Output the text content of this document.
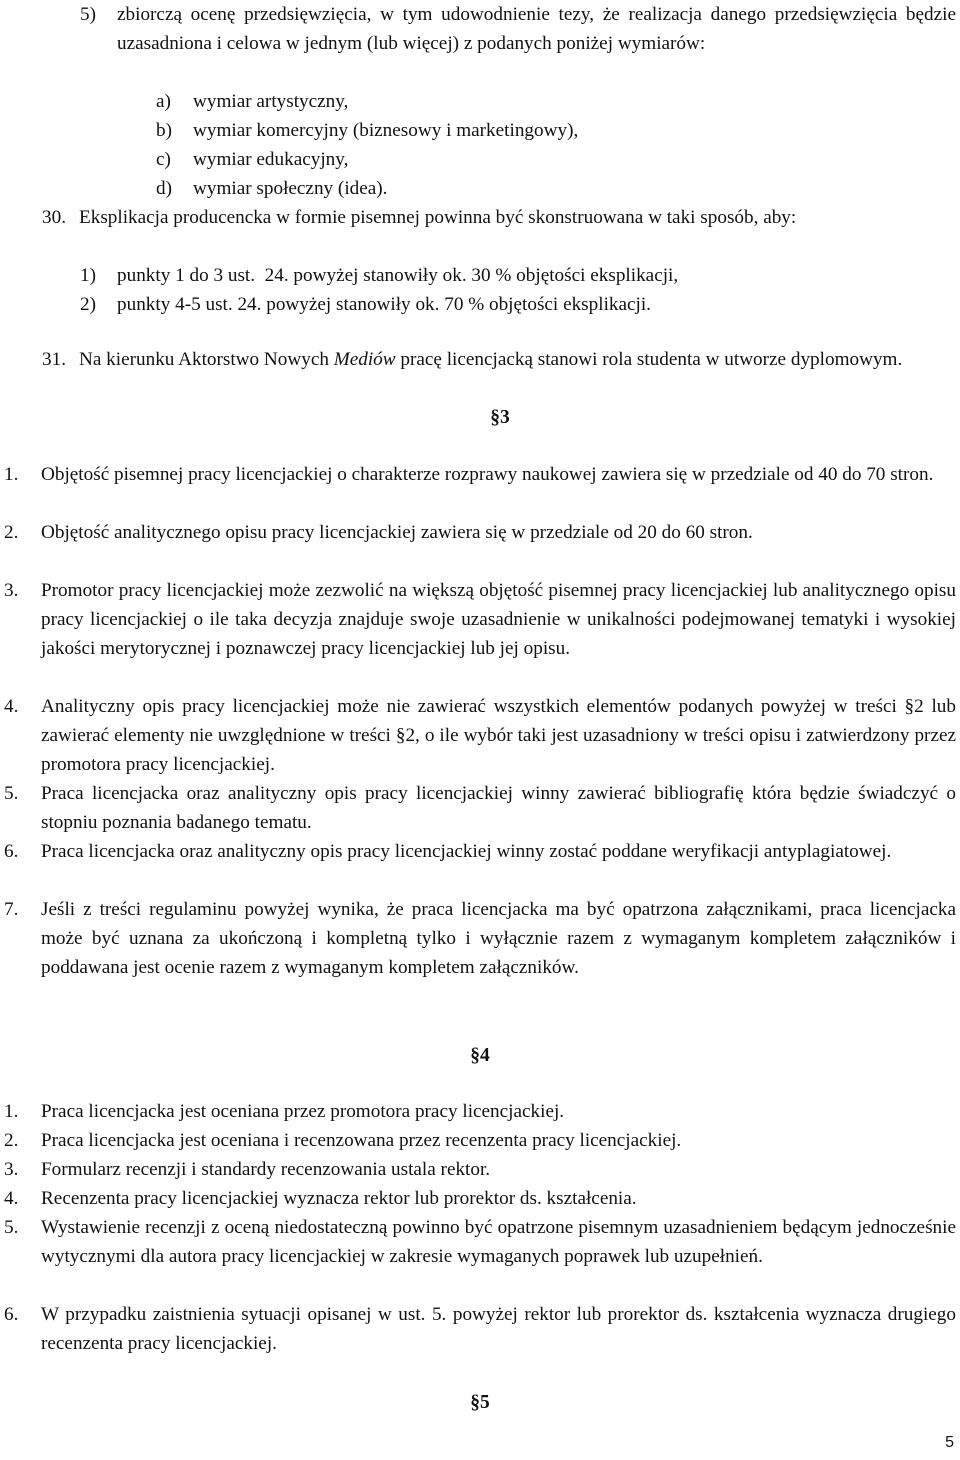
5) zbiorczą ocenę przedsięwzięcia, w tym udowodnienie tezy, że realizacja danego przedsięwzięcia będzie uzasadniona i celowa w jednym (lub więcej) z podanych poniżej wymiarów:
a) wymiar artystyczny,
b) wymiar komercyjny (biznesowy i marketingowy),
c) wymiar edukacyjny,
d) wymiar społeczny (idea).
30. Eksplikacja producencka w formie pisemnej powinna być skonstruowana w taki sposób, aby:
1) punkty 1 do 3 ust.  24. powyżej stanowiły ok. 30 % objętości eksplikacji,
2) punkty 4-5 ust. 24. powyżej stanowiły ok. 70 % objętości eksplikacji.
31. Na kierunku Aktorstwo Nowych Mediów pracę licencjacką stanowi rola studenta w utworze dyplomowym.
§3
1. Objętość pisemnej pracy licencjackiej o charakterze rozprawy naukowej zawiera się w przedziale od 40 do 70 stron.
2. Objętość analitycznego opisu pracy licencjackiej zawiera się w przedziale od 20 do 60 stron.
3. Promotor pracy licencjackiej może zezwolić na większą objętość pisemnej pracy licencjackiej lub analitycznego opisu pracy licencjackiej o ile taka decyzja znajduje swoje uzasadnienie w unikalności podejmowanej tematyki i wysokiej jakości merytorycznej i poznawczej pracy licencjackiej lub jej opisu.
4. Analityczny opis pracy licencjackiej może nie zawierać wszystkich elementów podanych powyżej w treści §2 lub zawierać elementy nie uwzględnione w treści §2, o ile wybór taki jest uzasadniony w treści opisu i zatwierdzony przez promotora pracy licencjackiej.
5. Praca licencjacka oraz analityczny opis pracy licencjackiej winny zawierać bibliografię która będzie świadczyć o stopniu poznania badanego tematu.
6. Praca licencjacka oraz analityczny opis pracy licencjackiej winny zostać poddane weryfikacji antyplagiatowej.
7. Jeśli z treści regulaminu powyżej wynika, że praca licencjacka ma być opatrzona załącznikami, praca licencjacka może być uznana za ukończoną i kompletną tylko i wyłącznie razem z wymaganym kompletem załączników i poddawana jest ocenie razem z wymaganym kompletem załączników.
§4
1. Praca licencjacka jest oceniana przez promotora pracy licencjackiej.
2. Praca licencjacka jest oceniana i recenzowana przez recenzenta pracy licencjackiej.
3. Formularz recenzji i standardy recenzowania ustala rektor.
4. Recenzenta pracy licencjackiej wyznacza rektor lub prorektor ds. kształcenia.
5. Wystawienie recenzji z oceną niedostateczną powinno być opatrzone pisemnym uzasadnieniem będącym jednocześnie wytycznymi dla autora pracy licencjackiej w zakresie wymaganych poprawek lub uzupełnień.
6. W przypadku zaistnienia sytuacji opisanej w ust. 5. powyżej rektor lub prorektor ds. kształcenia wyznacza drugiego recenzenta pracy licencjackiej.
§5
5
